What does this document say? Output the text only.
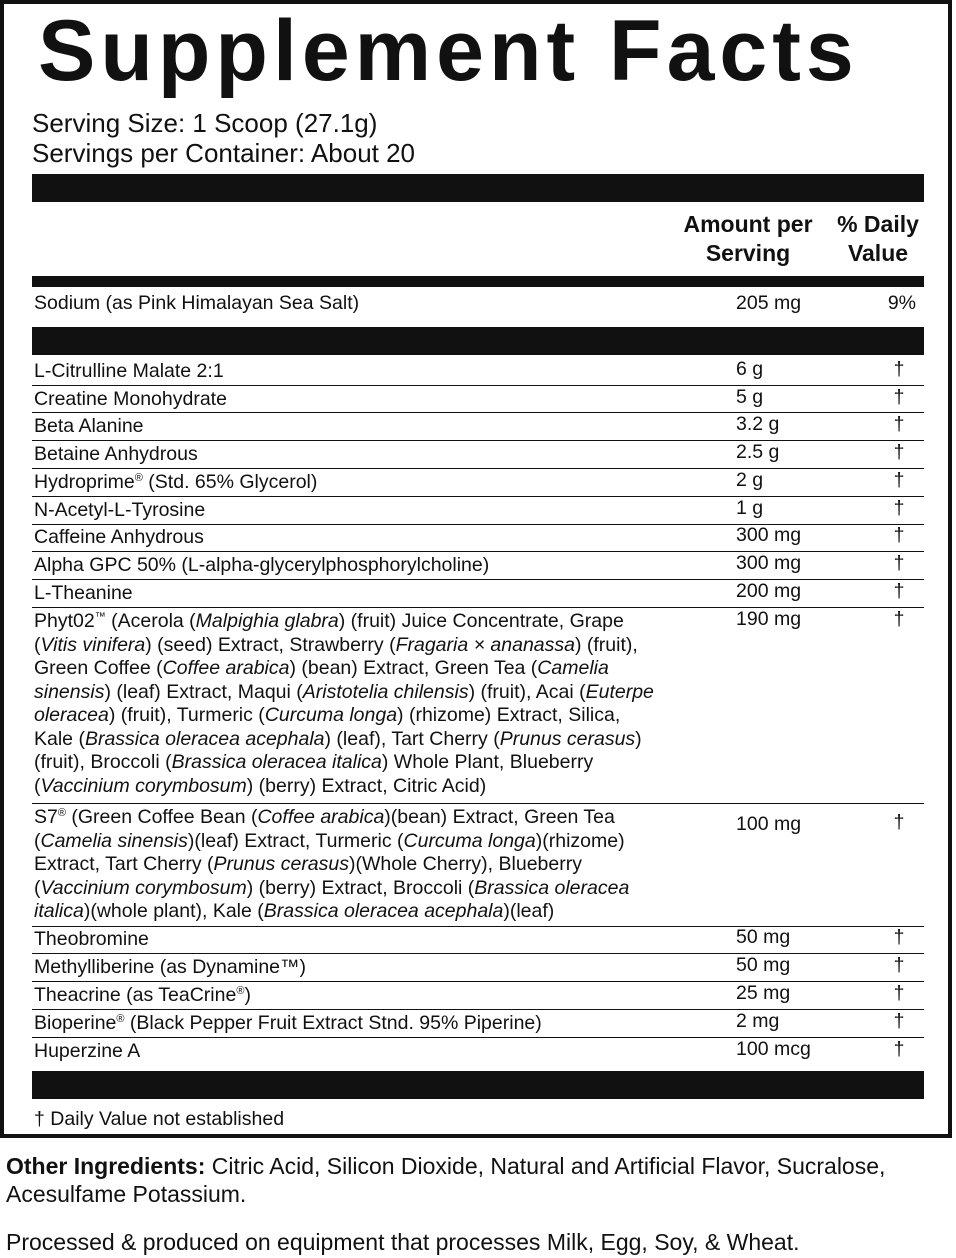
Supplement Facts
Serving Size: 1 Scoop (27.1g)
Servings per Container: About 20
Amount per Serving
% Daily Value
Sodium (as Pink Himalayan Sea Salt)	205 mg	9%
L-Citrulline Malate 2:1	6 g	†
Creatine Monohydrate	5 g	†
Beta Alanine	3.2 g	†
Betaine Anhydrous	2.5 g	†
Hydroprime® (Std. 65% Glycerol)	2 g	†
N-Acetyl-L-Tyrosine	1 g	†
Caffeine Anhydrous	300 mg	†
Alpha GPC 50% (L-alpha-glycerylphosphorylcholine)	300 mg	†
L-Theanine	200 mg	†
Phyt02™ (Acerola (Malpighia glabra) (fruit) Juice Concentrate, Grape
(Vitis vinifera) (seed) Extract, Strawberry (Fragaria × ananassa) (fruit),
Green Coffee (Coffee arabica) (bean) Extract, Green Tea (Camelia
sinensis) (leaf) Extract, Maqui (Aristotelia chilensis) (fruit), Acai (Euterpe
oleracea) (fruit), Turmeric (Curcuma longa) (rhizome) Extract, Silica,
Kale (Brassica oleracea acephala) (leaf), Tart Cherry (Prunus cerasus)
(fruit), Broccoli (Brassica oleracea italica) Whole Plant, Blueberry
(Vaccinium corymbosum) (berry) Extract, Citric Acid)
190 mg	†
S7® (Green Coffee Bean (Coffee arabica)(bean) Extract, Green Tea
(Camelia sinensis)(leaf) Extract, Turmeric (Curcuma longa)(rhizome)
Extract, Tart Cherry (Prunus cerasus)(Whole Cherry), Blueberry
(Vaccinium corymbosum) (berry) Extract, Broccoli (Brassica oleracea
italica)(whole plant), Kale (Brassica oleracea acephala)(leaf)
100 mg	†
Theobromine	50 mg	†
Methylliberine (as Dynamine™)	50 mg	†
Theacrine (as TeaCrine®)	25 mg	†
Bioperine® (Black Pepper Fruit Extract Stnd. 95% Piperine)	2 mg	†
Huperzine A	100 mcg	†
† Daily Value not established
Other Ingredients: Citric Acid, Silicon Dioxide, Natural and Artificial Flavor, Sucralose, Acesulfame Potassium.
Processed & produced on equipment that processes Milk, Egg, Soy, & Wheat.
